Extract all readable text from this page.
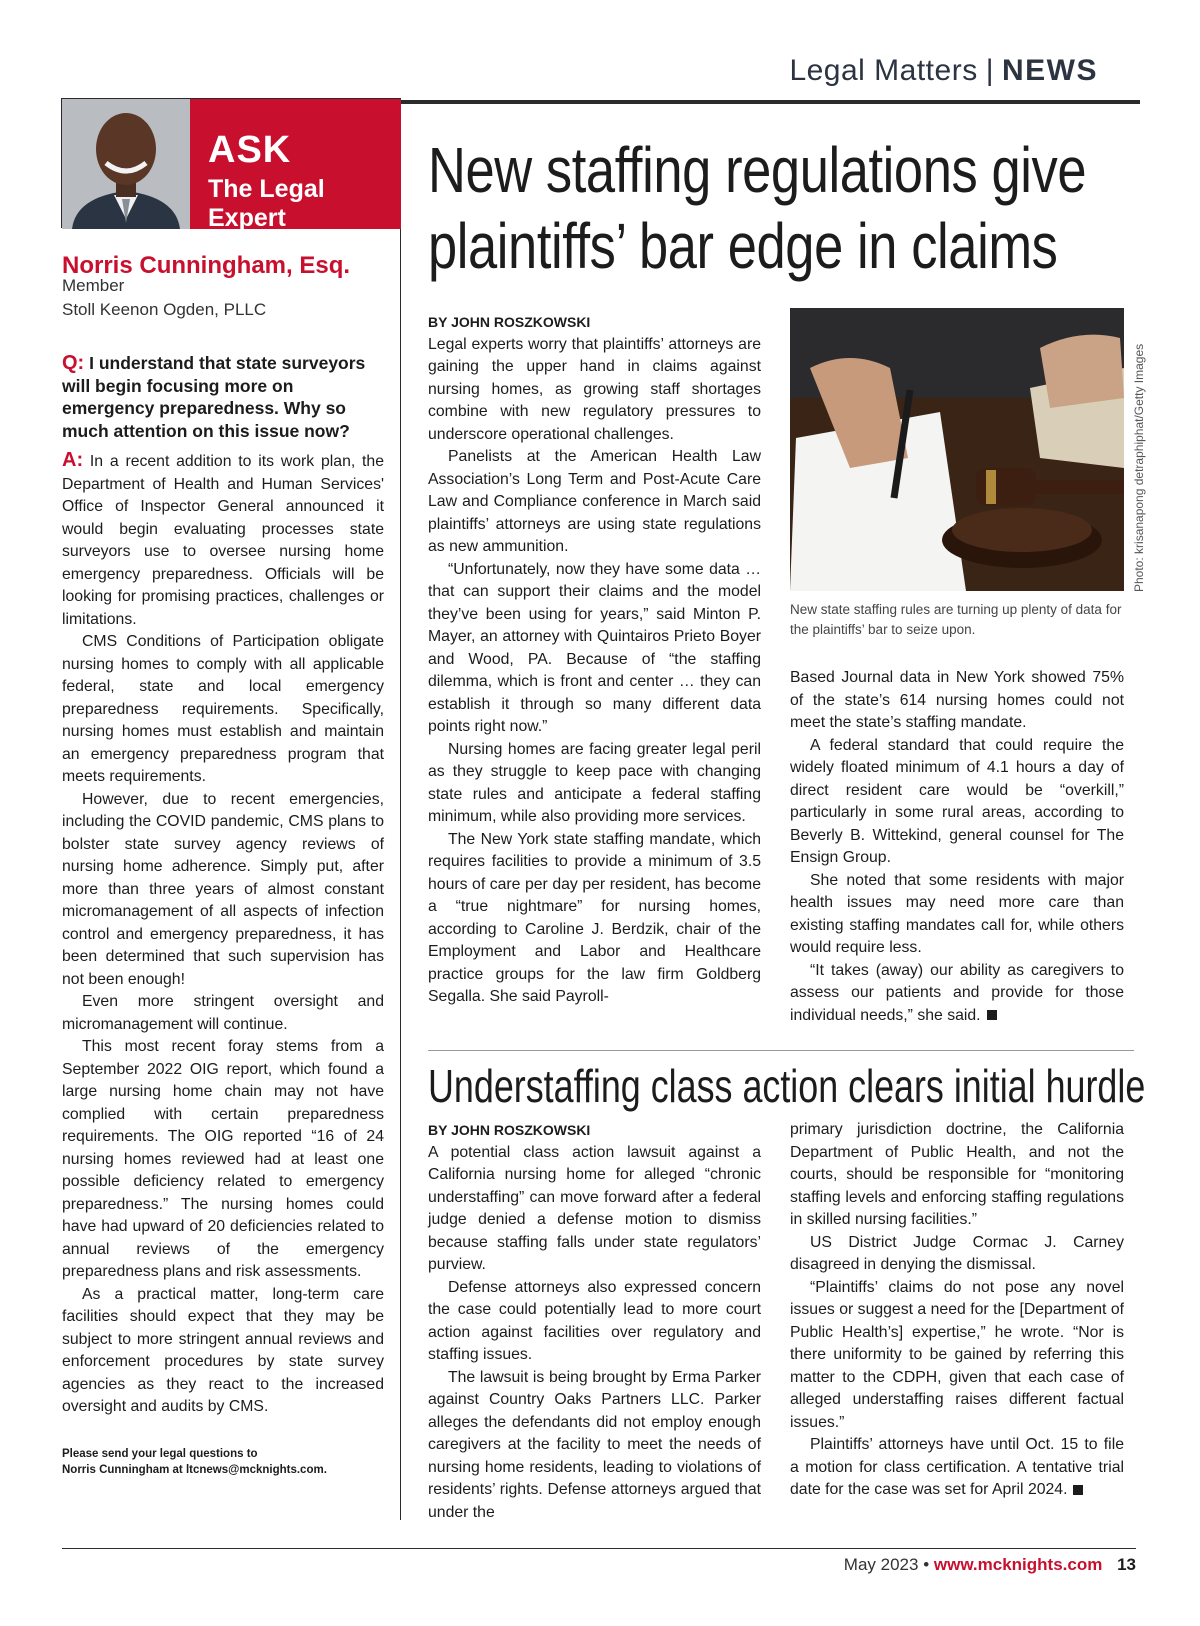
Legal Matters | NEWS
ASK
The Legal Expert
Norris Cunningham, Esq.
Member
Stoll Keenon Ogden, PLLC
Q: I understand that state surveyors will begin focusing more on emergency preparedness. Why so much attention on this issue now?

A: In a recent addition to its work plan, the Department of Health and Human Services' Office of Inspector General announced it would begin evaluating processes state surveyors use to oversee nursing home emergency preparedness. Officials will be looking for promising practices, challenges or limitations.

CMS Conditions of Participation obligate nursing homes to comply with all applicable federal, state and local emergency preparedness requirements. Specifically, nursing homes must establish and maintain an emergency preparedness program that meets requirements.

However, due to recent emergencies, including the COVID pandemic, CMS plans to bolster state survey agency reviews of nursing home adherence. Simply put, after more than three years of almost constant micromanagement of all aspects of infection control and emergency preparedness, it has been determined that such supervision has not been enough!

Even more stringent oversight and micromanagement will continue.

This most recent foray stems from a September 2022 OIG report, which found a large nursing home chain may not have complied with certain preparedness requirements. The OIG reported “16 of 24 nursing homes reviewed had at least one possible deficiency related to emergency preparedness.” The nursing homes could have had upward of 20 deficiencies related to annual reviews of the emergency preparedness plans and risk assessments.

As a practical matter, long-term care facilities should expect that they may be subject to more stringent annual reviews and enforcement procedures by state survey agencies as they react to the increased oversight and audits by CMS.

Please send your legal questions to
Norris Cunningham at ltcnews@mcknights.com.
New staffing regulations give
plaintiffs’ bar edge in claims
BY JOHN ROSZKOWSKI

Legal experts worry that plaintiffs’ attorneys are gaining the upper hand in claims against nursing homes, as growing staff shortages combine with new regulatory pressures to underscore operational challenges.

Panelists at the American Health Law Association’s Long Term and Post-Acute Care Law and Compliance conference in March said plaintiffs’ attorneys are using state regulations as new ammunition.

“Unfortunately, now they have some data … that can support their claims and the model they’ve been using for years,” said Minton P. Mayer, an attorney with Quintairos Prieto Boyer and Wood, PA. Because of “the staffing dilemma, which is front and center … they can establish it through so many different data points right now.”

Nursing homes are facing greater legal peril as they struggle to keep pace with changing state rules and anticipate a federal staffing minimum, while also providing more services.

The New York state staffing mandate, which requires facilities to provide a minimum of 3.5 hours of care per day per resident, has become a “true nightmare” for nursing homes, according to Caroline J. Berdzik, chair of the Employment and Labor and Healthcare practice groups for the law firm Goldberg Segalla. She said Payroll-

Photo: krisanapong detraphiphat/Getty Images
New state staffing rules are turning up plenty of data for the plaintiffs’ bar to seize upon.

Based Journal data in New York showed 75% of the state’s 614 nursing homes could not meet the state’s staffing mandate.

A federal standard that could require the widely floated minimum of 4.1 hours a day of direct resident care would be “overkill,” particularly in some rural areas, according to Beverly B. Wittekind, general counsel for The Ensign Group.

She noted that some residents with major health issues may need more care than existing staffing mandates call for, while others would require less.

“It takes (away) our ability as caregivers to assess our patients and provide for those individual needs,” she said.

Understaffing class action clears initial hurdle
BY JOHN ROSZKOWSKI

A potential class action lawsuit against a California nursing home for alleged “chronic understaffing” can move forward after a federal judge denied a defense motion to dismiss because staffing falls under state regulators’ purview.

Defense attorneys also expressed concern the case could potentially lead to more court action against facilities over regulatory and staffing issues.

The lawsuit is being brought by Erma Parker against Country Oaks Partners LLC. Parker alleges the defendants did not employ enough caregivers at the facility to meet the needs of nursing home residents, leading to violations of residents’ rights. Defense attorneys argued that under the

primary jurisdiction doctrine, the California Department of Public Health, and not the courts, should be responsible for “monitoring staffing levels and enforcing staffing regulations in skilled nursing facilities.”

US District Judge Cormac J. Carney disagreed in denying the dismissal.

“Plaintiffs’ claims do not pose any novel issues or suggest a need for the [Department of Public Health’s] expertise,” he wrote. “Nor is there uniformity to be gained by referring this matter to the CDPH, given that each case of alleged understaffing raises different factual issues.”

Plaintiffs’ attorneys have until Oct. 15 to file a motion for class certification. A tentative trial date for the case was set for April 2024.

May 2023 • www.mcknights.com 13
